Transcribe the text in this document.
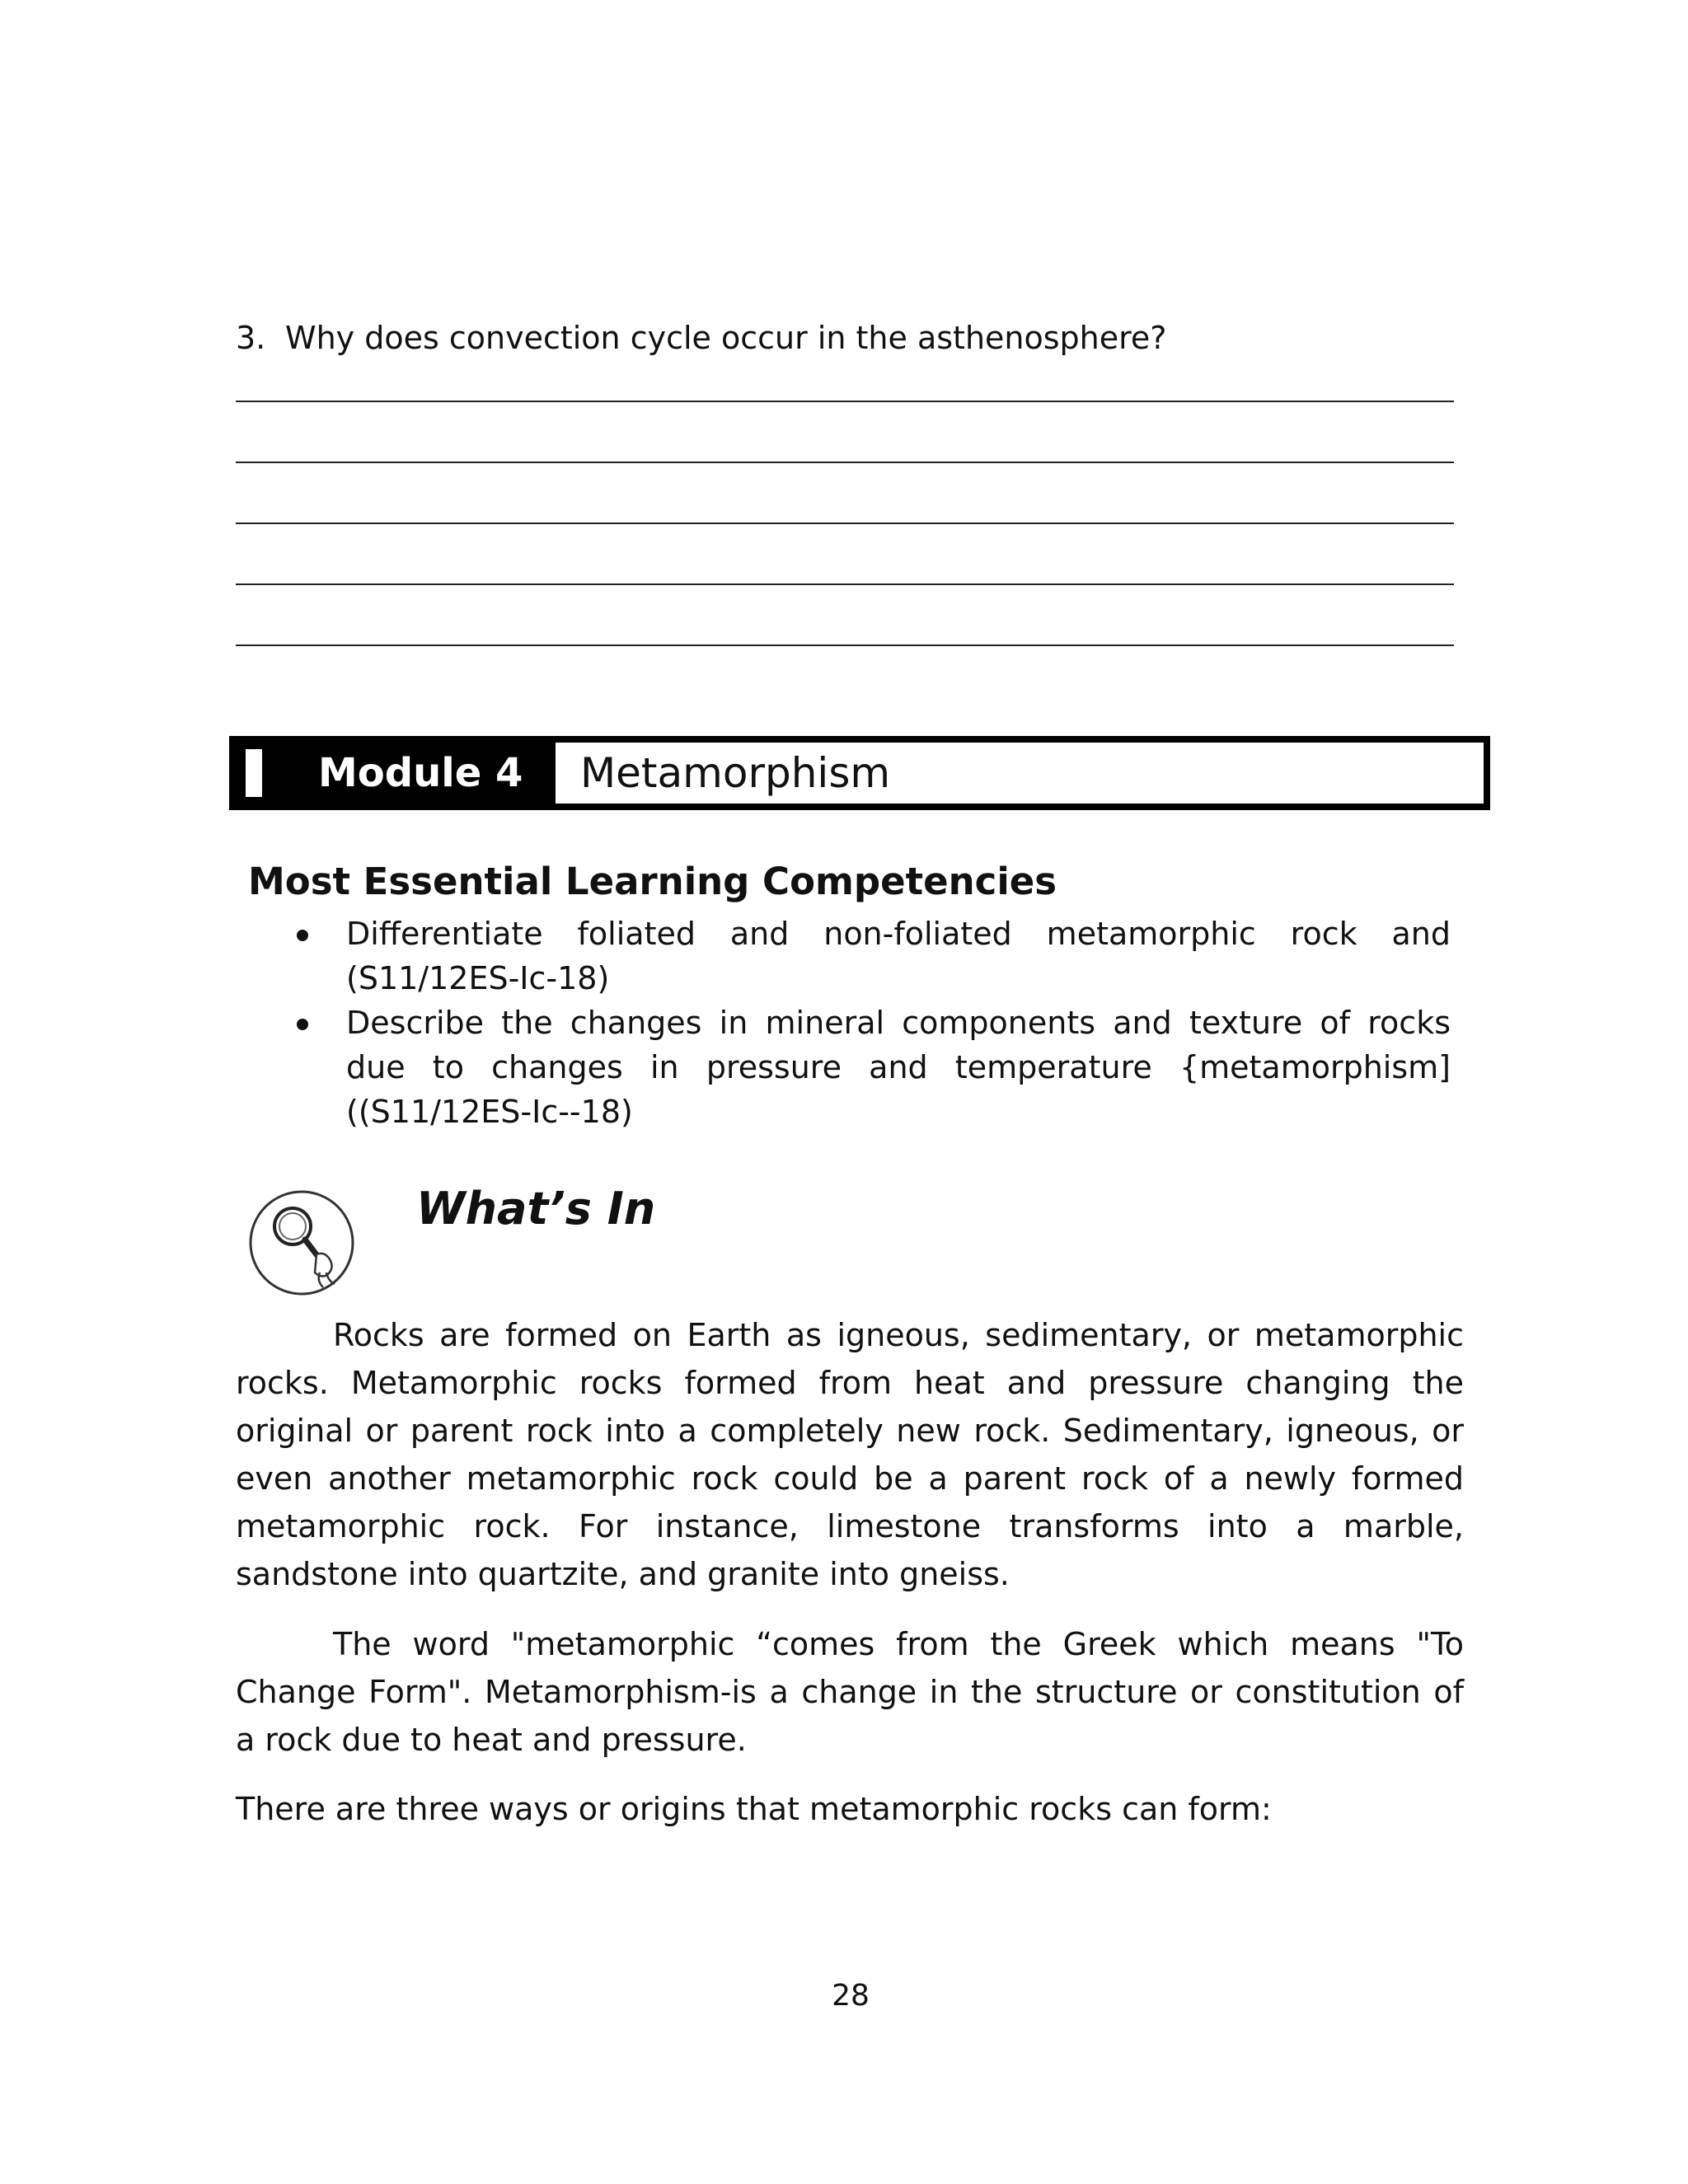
3. Why does convection cycle occur in the asthenosphere?
Module 4 Metamorphism
Most Essential Learning Competencies
Differentiate foliated and non-foliated metamorphic rock and (S11/12ES-Ic-18)
Describe the changes in mineral components and texture of rocks due to changes in pressure and temperature {metamorphism]((S11/12ES-Ic--18)
What’s In
Rocks are formed on Earth as igneous, sedimentary, or metamorphic rocks. Metamorphic rocks formed from heat and pressure changing the original or parent rock into a completely new rock. Sedimentary, igneous, or even another metamorphic rock could be a parent rock of a newly formed metamorphic rock. For instance, limestone transforms into a marble, sandstone into quartzite, and granite into gneiss.
The word "metamorphic “comes from the Greek which means "To Change Form". Metamorphism-is a change in the structure or constitution of a rock due to heat and pressure.
There are three ways or origins that metamorphic rocks can form:
28
